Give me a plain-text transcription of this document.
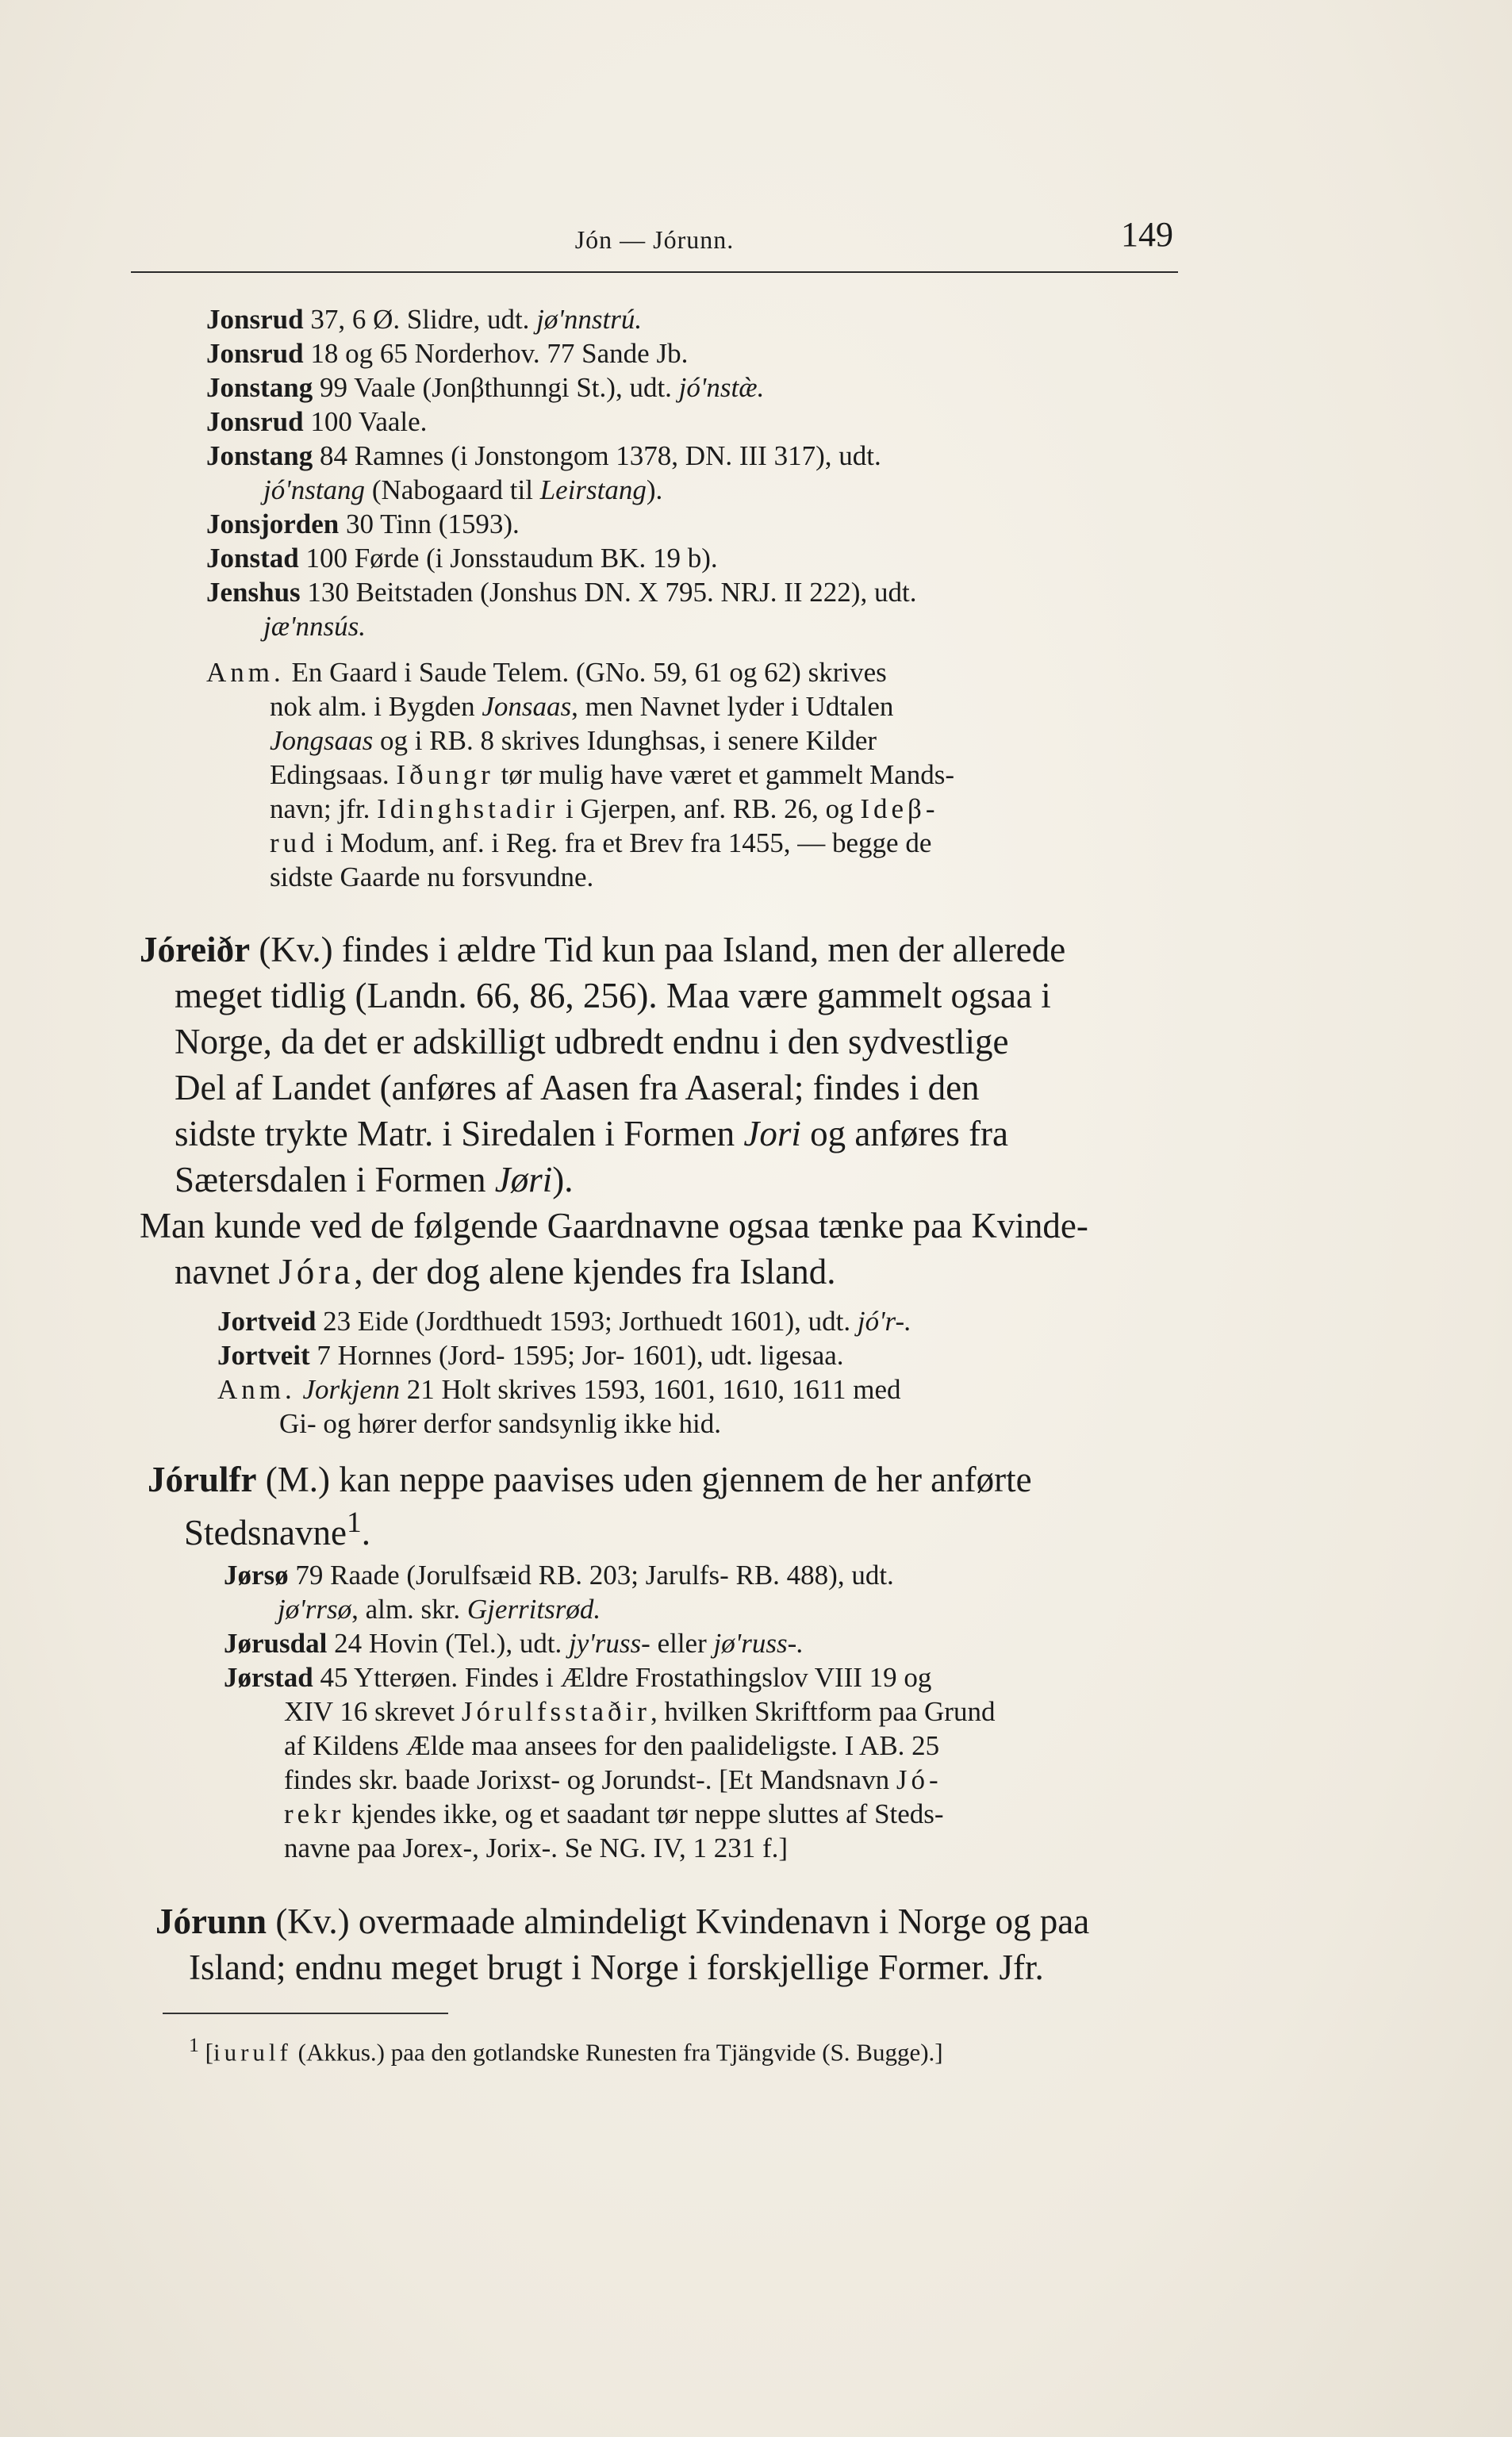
Jón — Jórunn.	149
Jonsrud 37, 6 Ø. Slidre, udt. jø'nnstrú.
Jonsrud 18 og 65 Norderhov. 77 Sande Jb.
Jonstang 99 Vaale (Jonβthunngi St.), udt. jó'nstæ̀.
Jonsrud 100 Vaale.
Jonstang 84 Ramnes (i Jonstongom 1378, DN. III 317), udt.
jó'nstang (Nabogaard til Leirstang).
Jonsjorden 30 Tinn (1593).
Jonstad 100 Førde (i Jonsstaudum BK. 19 b).
Jenshus 130 Beitstaden (Jonshus DN. X 795. NRJ. II 222), udt.
jæ'nnsús.
Anm. En Gaard i Saude Telem. (GNo. 59, 61 og 62) skrives
nok alm. i Bygden Jonsaas, men Navnet lyder i Udtalen
Jongsaas og i RB. 8 skrives Idunghsas, i senere Kilder
Edingsaas. Iðungr tør mulig have været et gammelt Mands-
navn; jfr. Idinghstadir i Gjerpen, anf. RB. 26, og Ideβ-
rud i Modum, anf. i Reg. fra et Brev fra 1455, — begge de
sidste Gaarde nu forsvundne.
Jóreiðr (Kv.) findes i ældre Tid kun paa Island, men der allerede
meget tidlig (Landn. 66, 86, 256). Maa være gammelt ogsaa i
Norge, da det er adskilligt udbredt endnu i den sydvestlige
Del af Landet (anføres af Aasen fra Aaseral; findes i den
sidste trykte Matr. i Siredalen i Formen Jori og anføres fra
Sætersdalen i Formen Jøri).
Man kunde ved de følgende Gaardnavne ogsaa tænke paa Kvinde-
navnet Jóra, der dog alene kjendes fra Island.
Jortveid 23 Eide (Jordthuedt 1593; Jorthuedt 1601), udt. jó'r-.
Jortveit 7 Hornnes (Jord- 1595; Jor- 1601), udt. ligesaa.
Anm. Jorkjenn 21 Holt skrives 1593, 1601, 1610, 1611 med
Gi- og hører derfor sandsynlig ikke hid.
Jórulfr (M.) kan neppe paavises uden gjennem de her anførte
Stedsnavne$^1$.
Jørsø 79 Raade (Jorulfsæid RB. 203; Jarulfs- RB. 488), udt.
jø'rrsø, alm. skr. Gjerritsrød.
Jørusdal 24 Hovin (Tel.), udt. jy'russ- eller jø'russ-.
Jørstad 45 Ytterøen. Findes i Ældre Frostathingslov VIII 19 og
XIV 16 skrevet Jórulfsstaðir, hvilken Skriftform paa Grund
af Kildens Ælde maa ansees for den paalideligste. I AB. 25
findes skr. baade Jorixst- og Jorundst-. [Et Mandsnavn Jó-
rekr kjendes ikke, og et saadant tør neppe sluttes af Steds-
navne paa Jorex-, Jorix-. Se NG. IV, 1 231 f.]
Jórunn (Kv.) overmaade almindeligt Kvindenavn i Norge og paa
Island; endnu meget brugt i Norge i forskjellige Former. Jfr.
$^1$ [iurulf (Akkus.) paa den gotlandske Runesten fra Tjängvide (S. Bugge).]
